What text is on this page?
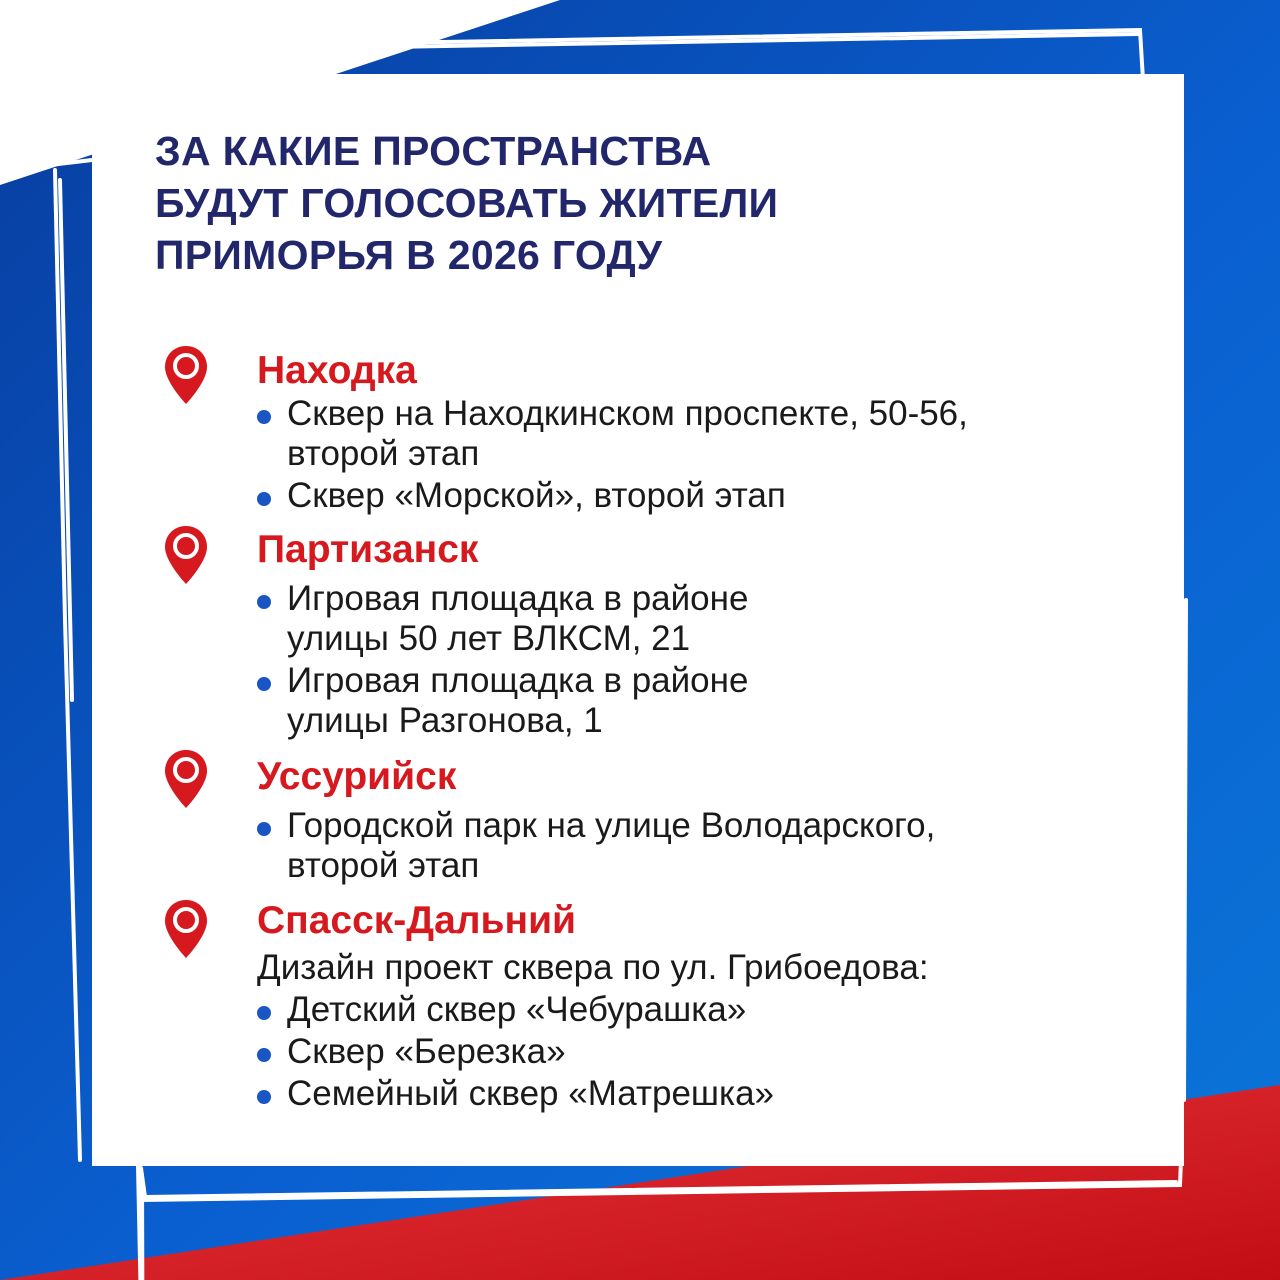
ЗА КАКИЕ ПРОСТРАНСТВА
БУДУТ ГОЛОСОВАТЬ ЖИТЕЛИ
ПРИМОРЬЯ В 2026 ГОДУ
Находка
Сквер на Находкинском проспекте, 50-56,
второй этап
Сквер «Морской», второй этап
Партизанск
Игровая площадка в районе
улицы 50 лет ВЛКСМ, 21
Игровая площадка в районе
улицы Разгонова, 1
Уссурийск
Городской парк на улице Володарского,
второй этап
Спасск-Дальний

Дизайн проект сквера по ул. Грибоедова:

Детский сквер «Чебурашка»
Сквер «Березка»
Семейный сквер «Матрешка»
